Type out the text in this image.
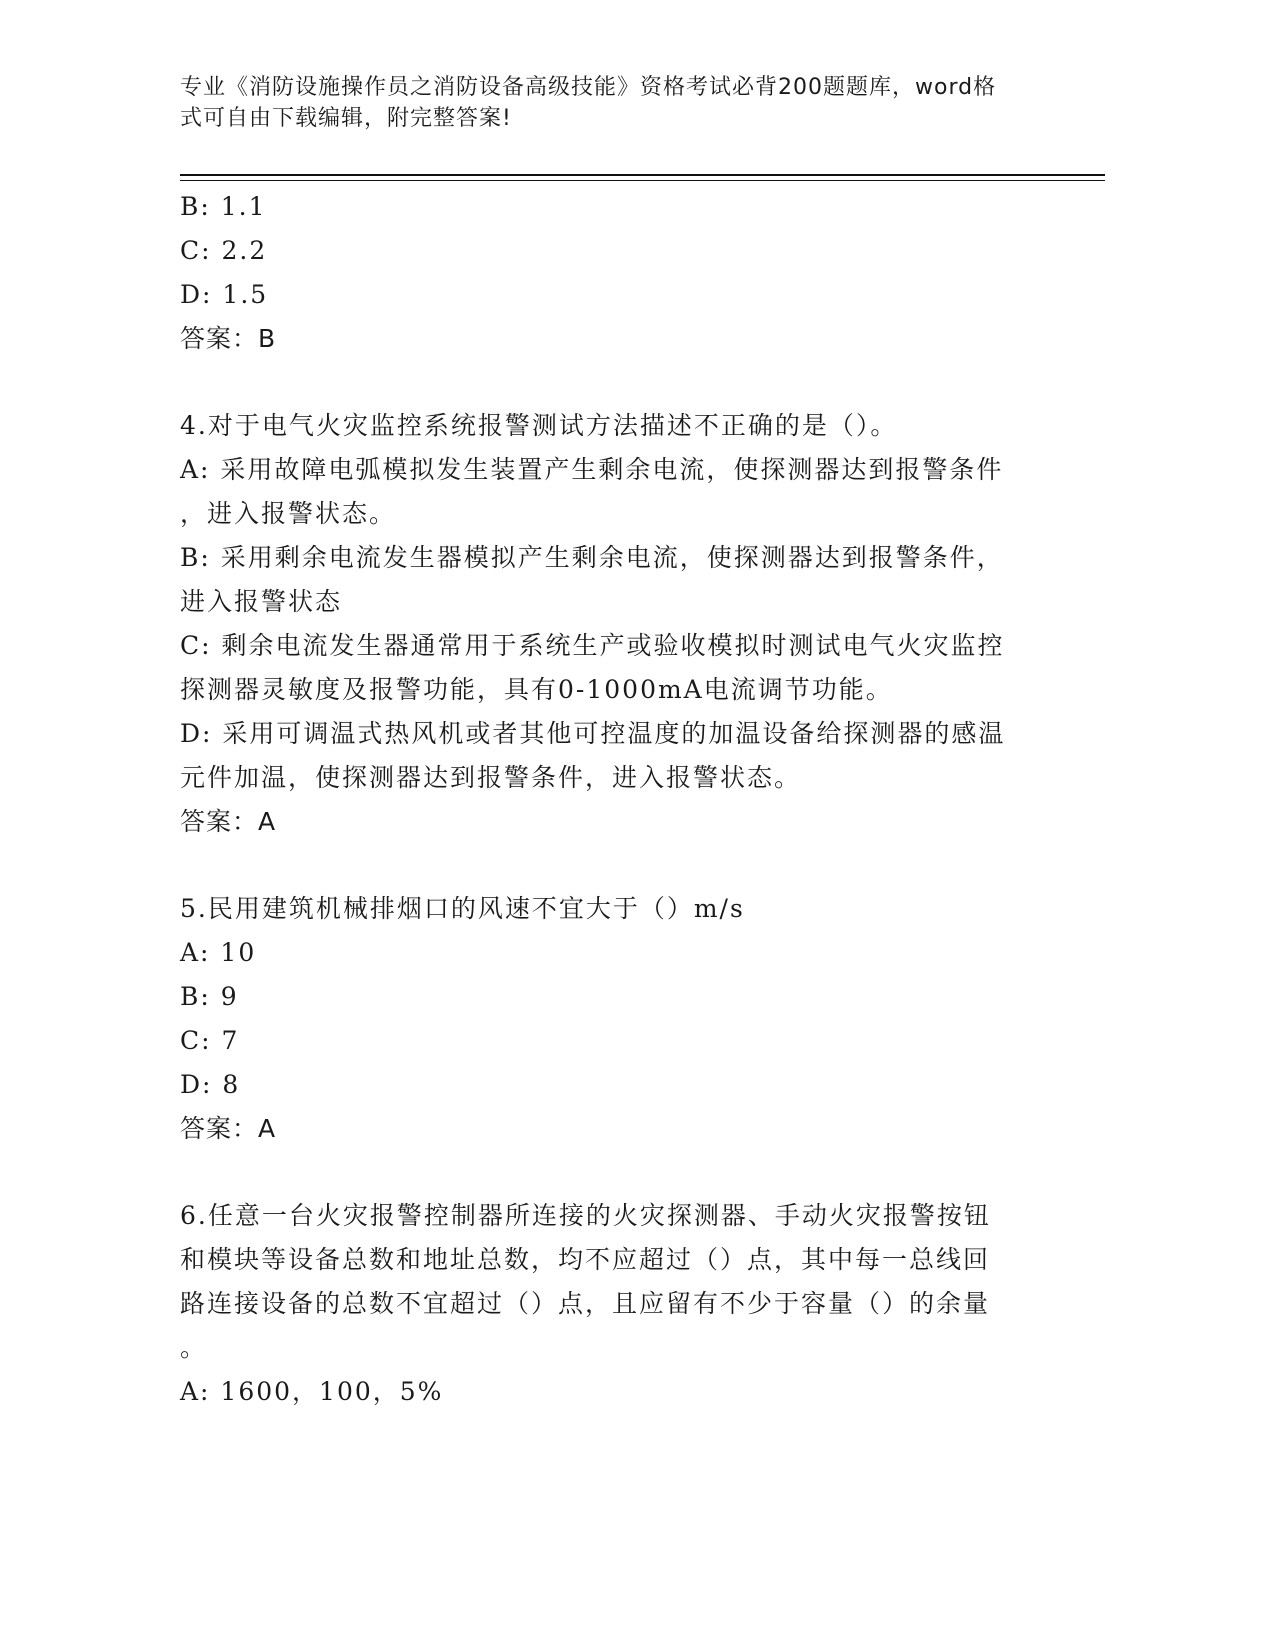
专业《消防设施操作员之消防设备高级技能》资格考试必背200题题库，word格
式可自由下载编辑，附完整答案!
B: 1.1
C: 2.2
D: 1.5
答案：B
4.对于电气火灾监控系统报警测试方法描述不正确的是（）。
A: 采用故障电弧模拟发生装置产生剩余电流，使探测器达到报警条件
，进入报警状态。
B: 采用剩余电流发生器模拟产生剩余电流，使探测器达到报警条件，
进入报警状态
C: 剩余电流发生器通常用于系统生产或验收模拟时测试电气火灾监控
探测器灵敏度及报警功能，具有0-1000mA电流调节功能。
D: 采用可调温式热风机或者其他可控温度的加温设备给探测器的感温
元件加温，使探测器达到报警条件，进入报警状态。
答案：A
5.民用建筑机械排烟口的风速不宜大于（）m/s
A: 10
B: 9
C: 7
D: 8
答案：A
6.任意一台火灾报警控制器所连接的火灾探测器、手动火灾报警按钮
和模块等设备总数和地址总数，均不应超过（）点，其中每一总线回
路连接设备的总数不宜超过（）点，且应留有不少于容量（）的余量
。
A: 1600，100，5%
